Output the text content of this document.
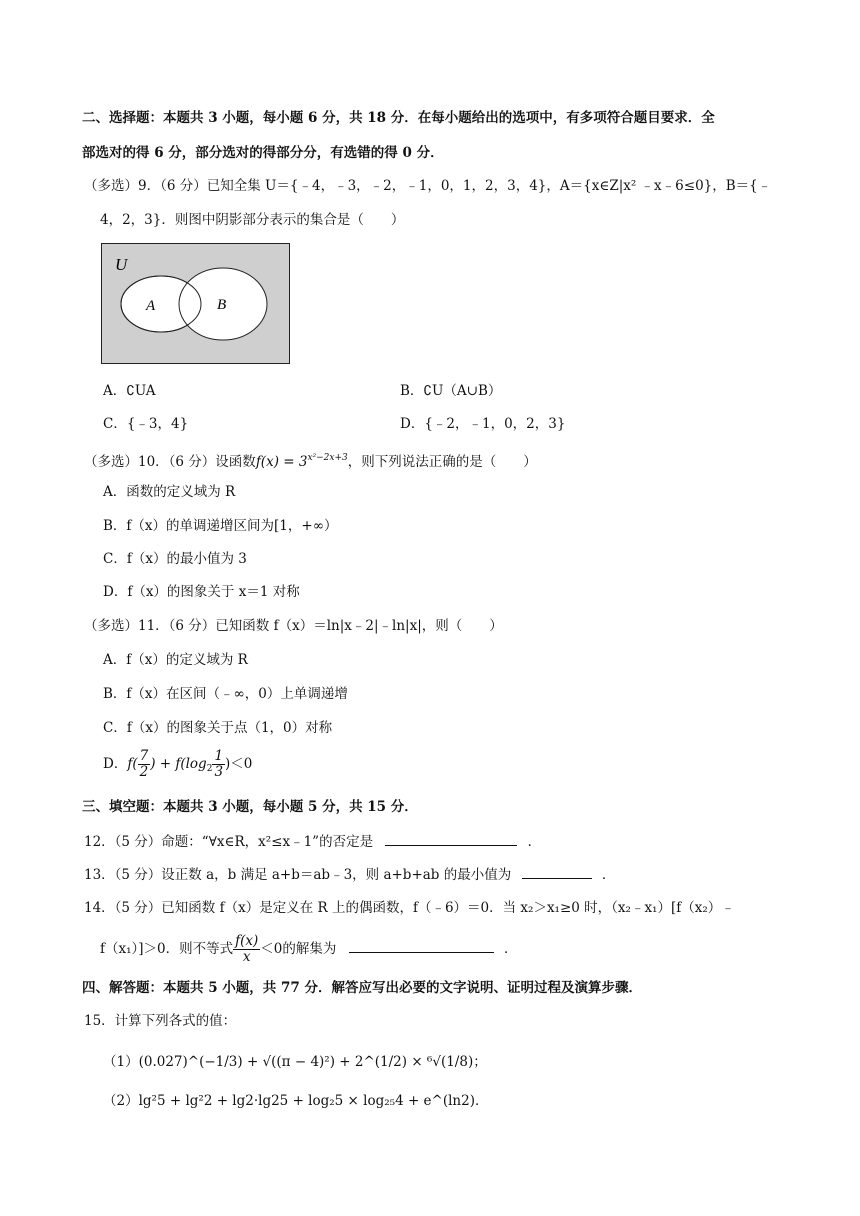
二、选择题：本题共 3 小题，每小题 6 分，共 18 分．在每小题给出的选项中，有多项符合题目要求．全
部选对的得 6 分，部分选对的得部分分，有选错的得 0 分．
（多选）9．（6 分）已知全集 U＝{﹣4，﹣3，﹣2，﹣1，0，1，2，3，4}，A＝{x∈Z|x² ﹣x﹣6≤0}，B＝{﹣
4，2，3}．则图中阴影部分表示的集合是（　　）
U
A	B
A．∁UA	B．∁U（A∪B）
C．{﹣3，4}	D．{﹣2，﹣1，0，2，3}
（多选）10．（6 分）设函数$f(x) = 3^{x^2-2x+3}$，则下列说法正确的是（　　）
A．函数的定义域为 R
B．f（x）的单调递增区间为[1，+∞）
C．f（x）的最小值为 3
D．f（x）的图象关于 x＝1 对称
（多选）11．（6 分）已知函数 f（x）＝ln|x﹣2|﹣ln|x|，则（　　）
A．f（x）的定义域为 R
B．f（x）在区间（﹣∞，0）上单调递增
C．f（x）的图象关于点（1，0）对称
D．$f( \frac{7}{2}$ ) + $f(\log_2 \frac{1}{3} )<0$
三、填空题：本题共 3 小题，每小题 5 分，共 15 分．
12．（5 分）命题：“∀x∈R，x²≤x﹣1”的否定是	．
13．（5 分）设正数 a，b 满足 a+b＝ab﹣3，则 a+b+ab 的最小值为	．
14．（5 分）已知函数 f（x）是定义在 R 上的偶函数，f（﹣6）＝0．当 x₂＞x₁≥0 时，（x₂﹣x₁）[f（x₂）﹣
f（x₁）]＞0．则不等式 $\frac{f(x)}{x} <0$的解集为	．
四、解答题：本题共 5 小题，共 77 分．解答应写出必要的文字说明、证明过程及演算步骤．
15．计算下列各式的值：
（1）(0.027)^(−1/3) + √((π − 4)²) + 2^(1/2) × ⁶√(1/8)；
（2）lg²5 + lg²2 + lg2·lg25 + log₂5 × log₂₅4 + e^(ln2)．
